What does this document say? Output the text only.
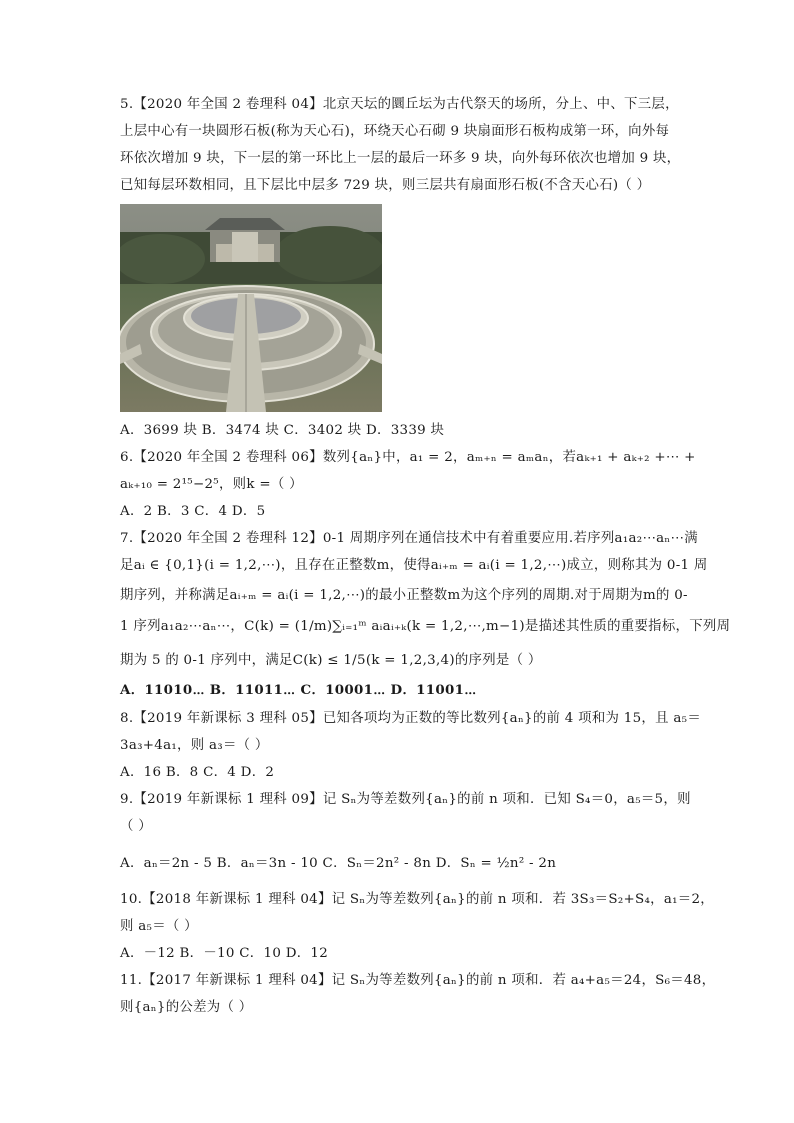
5.【2020 年全国 2 卷理科 04】北京天坛的圜丘坛为古代祭天的场所，分上、中、下三层，
上层中心有一块圆形石板(称为天心石)，环绕天心石砌 9 块扇面形石板构成第一环，向外每
环依次增加 9 块，下一层的第一环比上一层的最后一环多 9 块，向外每环依次也增加 9 块，
已知每层环数相同，且下层比中层多 729 块，则三层共有扇面形石板(不含天心石)（ ）
A．3699 块 B．3474 块 C．3402 块 D．3339 块
6.【2020 年全国 2 卷理科 06】数列{aₙ}中，a₁ = 2，aₘ₊ₙ = aₘaₙ，若aₖ₊₁ + aₖ₊₂ +⋯ +
aₖ₊₁₀ = 2¹⁵−2⁵，则k =（ ）
A．2 B．3 C．4 D．5
7.【2020 年全国 2 卷理科 12】0-1 周期序列在通信技术中有着重要应用.若序列a₁a₂⋯aₙ⋯满
足aᵢ ∈ {0,1}(i = 1,2,⋯)，且存在正整数m，使得aᵢ₊ₘ = aᵢ(i = 1,2,⋯)成立，则称其为 0-1 周
期序列，并称满足aᵢ₊ₘ = aᵢ(i = 1,2,⋯)的最小正整数m为这个序列的周期.对于周期为m的 0-
1 序列a₁a₂⋯aₙ⋯，C(k) = (1/m)∑ᵢ₌₁ᵐ aᵢaᵢ₊ₖ(k = 1,2,⋯,m−1)是描述其性质的重要指标，下列周
期为 5 的 0-1 序列中，满足C(k) ≤ 1/5(k = 1,2,3,4)的序列是（ ）
A．11010⋯ B．11011⋯ C．10001⋯ D．11001⋯
8.【2019 年新课标 3 理科 05】已知各项均为正数的等比数列{aₙ}的前 4 项和为 15，且 a₅＝
3a₃+4a₁，则 a₃＝（ ）
A．16 B．8 C．4 D．2
9.【2019 年新课标 1 理科 09】记 Sₙ为等差数列{aₙ}的前 n 项和．已知 S₄＝0，a₅＝5，则
（ ）
A．aₙ＝2n - 5 B．aₙ＝3n - 10 C．Sₙ＝2n² - 8n D．Sₙ = ½n² - 2n
10.【2018 年新课标 1 理科 04】记 Sₙ为等差数列{aₙ}的前 n 项和．若 3S₃＝S₂+S₄，a₁＝2，
则 a₅＝（ ）
A．－12 B．－10 C．10 D．12
11.【2017 年新课标 1 理科 04】记 Sₙ为等差数列{aₙ}的前 n 项和．若 a₄+a₅＝24，S₆＝48，
则{aₙ}的公差为（ ）
